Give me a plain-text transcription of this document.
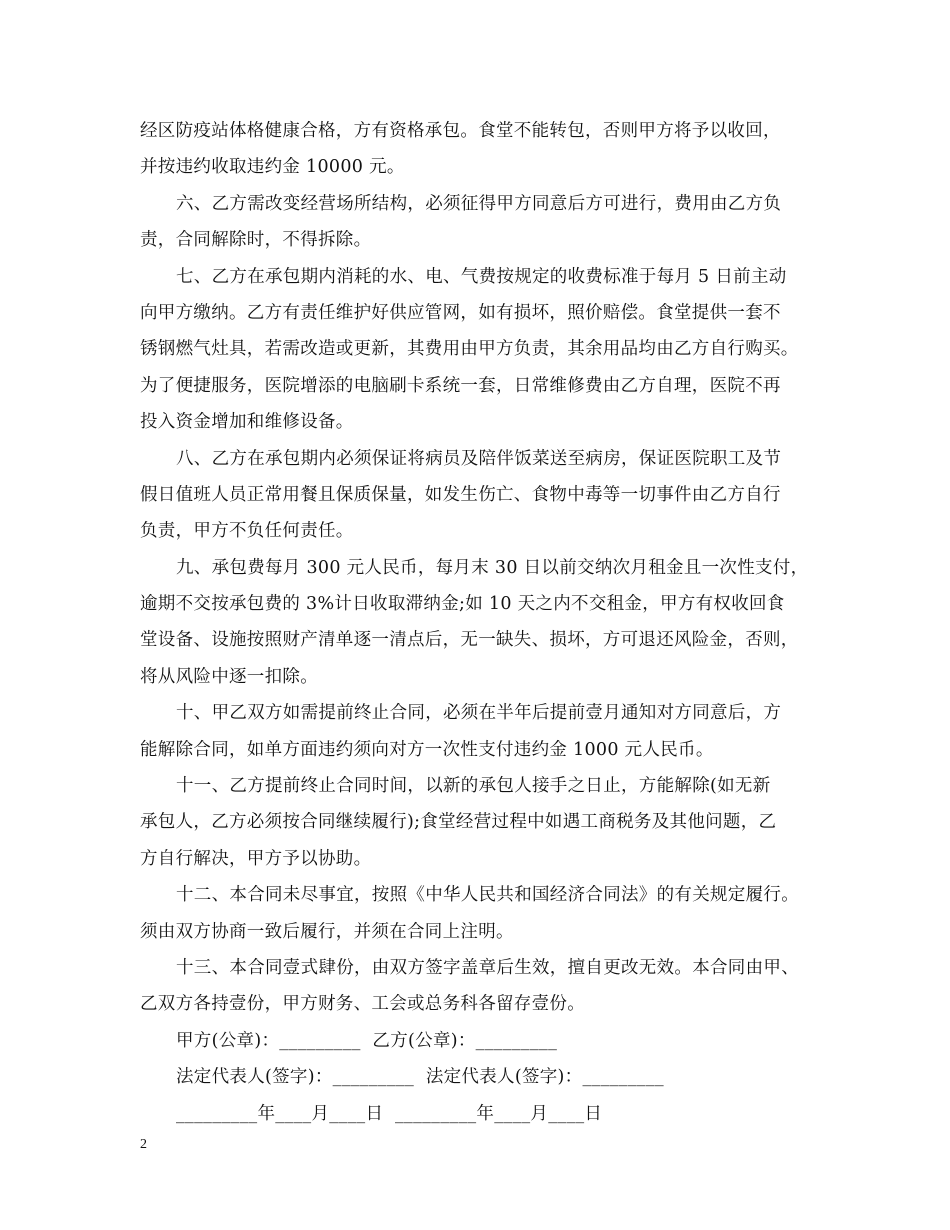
经区防疫站体格健康合格，方有资格承包。食堂不能转包，否则甲方将予以收回，
并按违约收取违约金 10000 元。
六、乙方需改变经营场所结构，必须征得甲方同意后方可进行，费用由乙方负
责，合同解除时，不得拆除。
七、乙方在承包期内消耗的水、电、气费按规定的收费标准于每月 5 日前主动
向甲方缴纳。乙方有责任维护好供应管网，如有损坏，照价赔偿。食堂提供一套不
锈钢燃气灶具，若需改造或更新，其费用由甲方负责，其余用品均由乙方自行购买。
为了便捷服务，医院增添的电脑刷卡系统一套，日常维修费由乙方自理，医院不再
投入资金增加和维修设备。
八、乙方在承包期内必须保证将病员及陪伴饭菜送至病房，保证医院职工及节
假日值班人员正常用餐且保质保量，如发生伤亡、食物中毒等一切事件由乙方自行
负责，甲方不负任何责任。
九、承包费每月 300 元人民币，每月末 30 日以前交纳次月租金且一次性支付，
逾期不交按承包费的 3%计日收取滞纳金;如 10 天之内不交租金，甲方有权收回食
堂设备、设施按照财产清单逐一清点后，无一缺失、损坏，方可退还风险金，否则，
将从风险中逐一扣除。
十、甲乙双方如需提前终止合同，必须在半年后提前壹月通知对方同意后，方
能解除合同，如单方面违约须向对方一次性支付违约金 1000 元人民币。
十一、乙方提前终止合同时间，以新的承包人接手之日止，方能解除(如无新
承包人，乙方必须按合同继续履行);食堂经营过程中如遇工商税务及其他问题，乙
方自行解决，甲方予以协助。
十二、本合同未尽事宜，按照《中华人民共和国经济合同法》的有关规定履行。
须由双方协商一致后履行，并须在合同上注明。
十三、本合同壹式肆份，由双方签字盖章后生效，擅自更改无效。本合同由甲、
乙双方各持壹份，甲方财务、工会或总务科各留存壹份。
甲方(公章)：_________  乙方(公章)：_________
法定代表人(签字)：_________  法定代表人(签字)：_________
_________年____月____日  _________年____月____日
2
